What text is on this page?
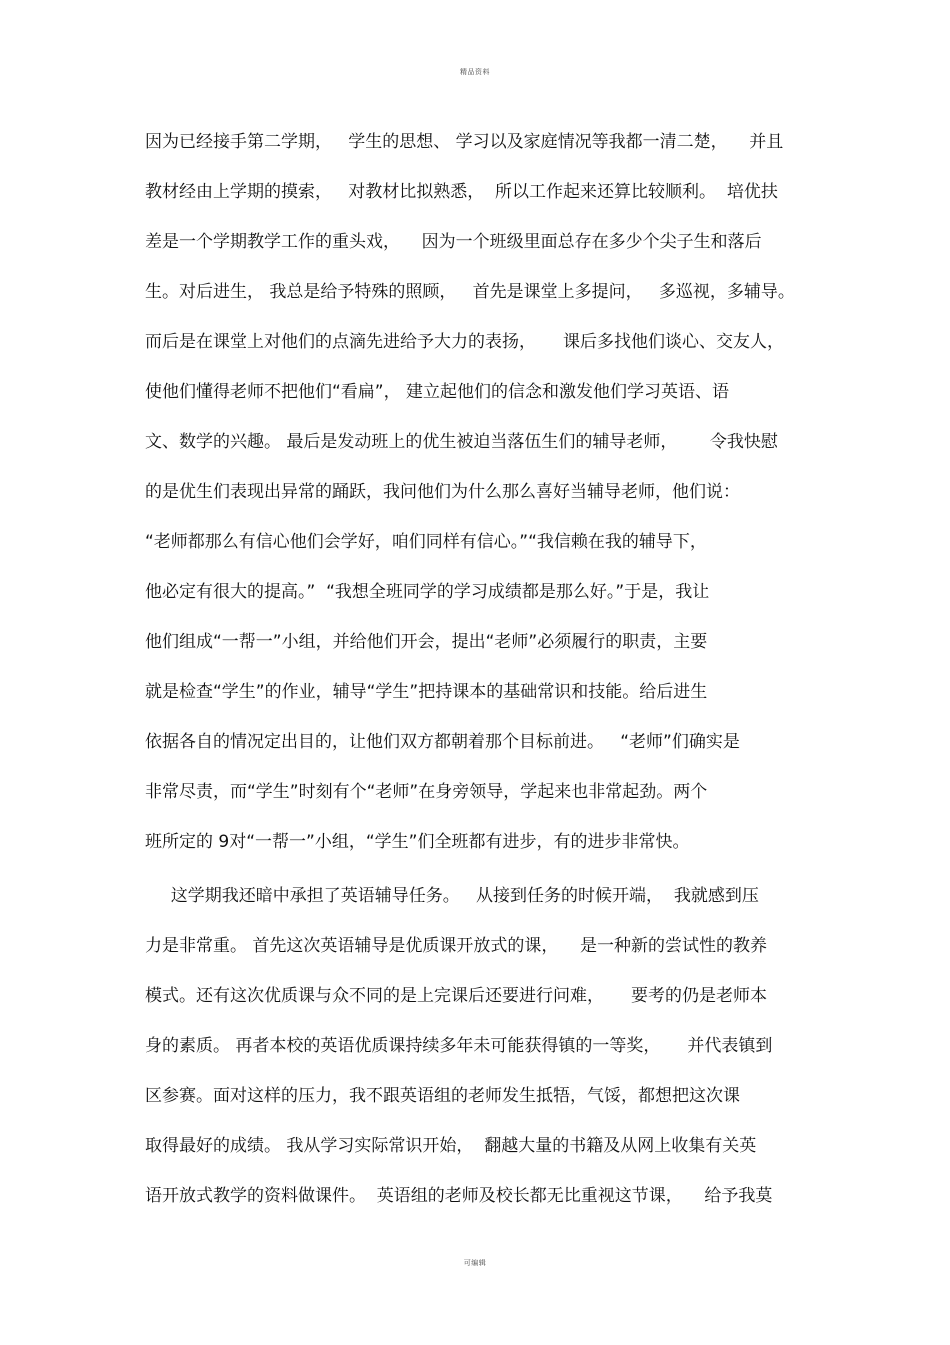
精品资料
因为已经接手第二学期，   学生的思想、 学习以及家庭情况等我都一清二楚，    并且
教材经由上学期的摸索，   对教材比拟熟悉，  所以工作起来还算比较顺利。  培优扶
差是一个学期教学工作的重头戏，    因为一个班级里面总存在多少个尖子生和落后
生。对后进生， 我总是给予特殊的照顾，   首先是课堂上多提问，   多巡视，多辅导。
而后是在课堂上对他们的点滴先进给予大力的表扬，     课后多找他们谈心、交友人，
使他们懂得老师不把他们“看扁”， 建立起他们的信念和激发他们学习英语、语
文、数学的兴趣。 最后是发动班上的优生被迫当落伍生们的辅导老师，      令我快慰
的是优生们表现出异常的踊跃，我问他们为什么那么喜好当辅导老师，他们说：
“老师都那么有信心他们会学好，咱们同样有信心。”“我信赖在我的辅导下，
他必定有很大的提高。”  “我想全班同学的学习成绩都是那么好。”于是，我让
他们组成“一帮一”小组，并给他们开会，提出“老师”必须履行的职责，主要
就是检查“学生”的作业，辅导“学生”把持课本的基础常识和技能。给后进生
依据各自的情况定出目的，让他们双方都朝着那个目标前进。   “老师”们确实是
非常尽责，而“学生”时刻有个“老师”在身旁领导，学起来也非常起劲。两个
班所定的 9对“一帮一”小组，“学生”们全班都有进步，有的进步非常快。
这学期我还暗中承担了英语辅导任务。   从接到任务的时候开端，  我就感到压
力是非常重。 首先这次英语辅导是优质课开放式的课，    是一种新的尝试性的教养
模式。还有这次优质课与众不同的是上完课后还要进行问难，     要考的仍是老师本
身的素质。 再者本校的英语优质课持续多年未可能获得镇的一等奖，     并代表镇到
区参赛。面对这样的压力，我不跟英语组的老师发生抵牾，气馁，都想把这次课
取得最好的成绩。 我从学习实际常识开始，  翻越大量的书籍及从网上收集有关英
语开放式教学的资料做课件。  英语组的老师及校长都无比重视这节课，    给予我莫
可编辑
